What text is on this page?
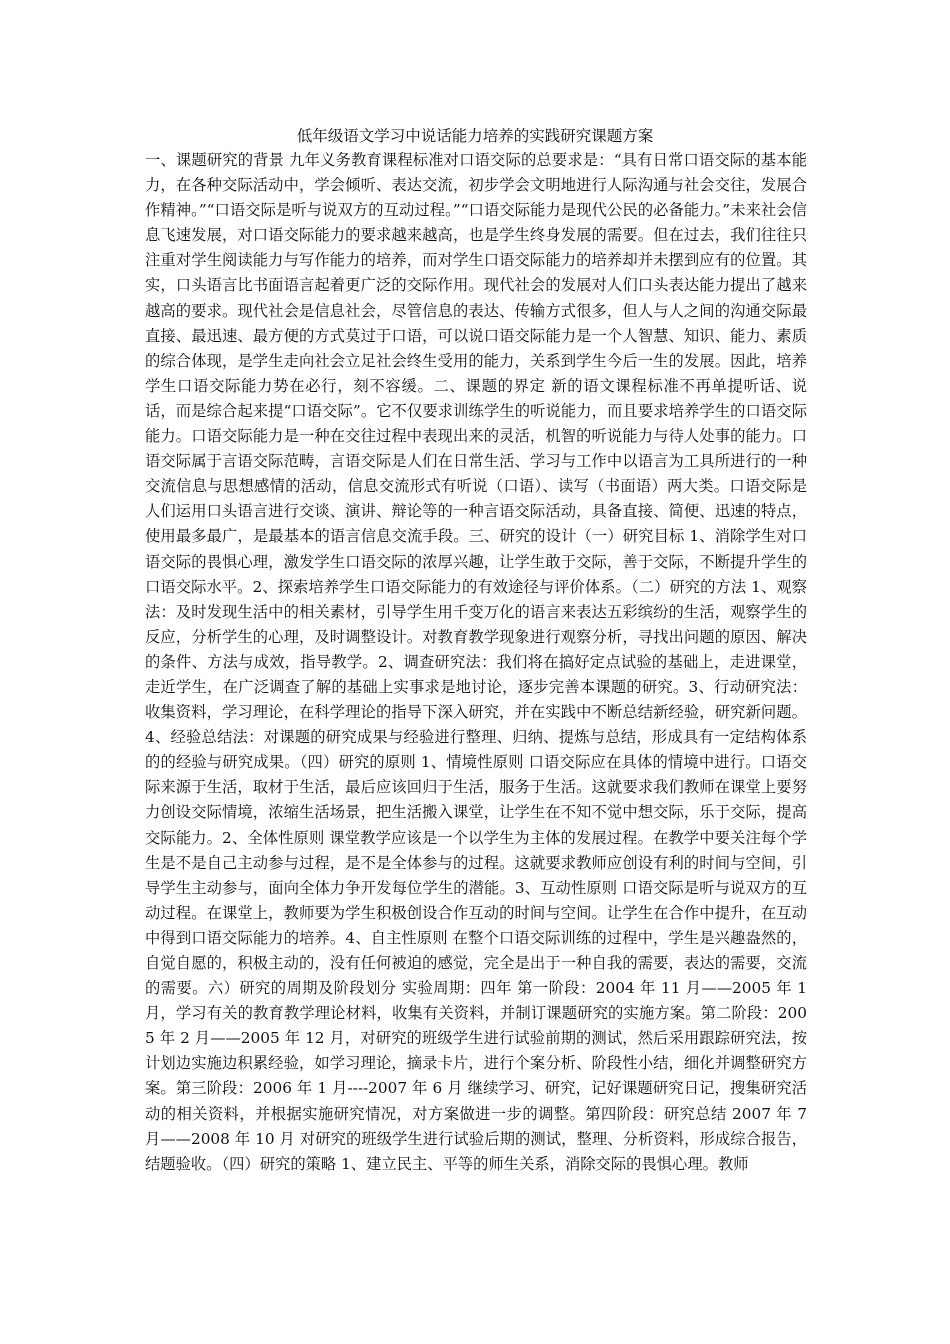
低年级语文学习中说话能力培养的实践研究课题方案

一、课题研究的背景 九年义务教育课程标准对口语交际的总要求是：“具有日常口语交际的基本能力，在各种交际活动中，学会倾听、表达交流，初步学会文明地进行人际沟通与社会交往，发展合作精神。”“口语交际是听与说双方的互动过程。”“口语交际能力是现代公民的必备能力。”未来社会信息飞速发展，对口语交际能力的要求越来越高，也是学生终身发展的需要。但在过去，我们往往只注重对学生阅读能力与写作能力的培养，而对学生口语交际能力的培养却并未摆到应有的位置。其实，口头语言比书面语言起着更广泛的交际作用。现代社会的发展对人们口头表达能力提出了越来越高的要求。现代社会是信息社会，尽管信息的表达、传输方式很多，但人与人之间的沟通交际最直接、最迅速、最方便的方式莫过于口语，可以说口语交际能力是一个人智慧、知识、能力、素质的综合体现，是学生走向社会立足社会终生受用的能力，关系到学生今后一生的发展。因此，培养学生口语交际能力势在必行，刻不容缓。二、课题的界定 新的语文课程标准不再单提听话、说话，而是综合起来提“口语交际”。它不仅要求训练学生的听说能力，而且要求培养学生的口语交际能力。口语交际能力是一种在交往过程中表现出来的灵活，机智的听说能力与待人处事的能力。口语交际属于言语交际范畴，言语交际是人们在日常生活、学习与工作中以语言为工具所进行的一种交流信息与思想感情的活动，信息交流形式有听说（口语）、读写（书面语）两大类。口语交际是人们运用口头语言进行交谈、演讲、辩论等的一种言语交际活动，具备直接、简便、迅速的特点，使用最多最广，是最基本的语言信息交流手段。三、研究的设计（一）研究目标 1、消除学生对口语交际的畏惧心理，激发学生口语交际的浓厚兴趣，让学生敢于交际，善于交际，不断提升学生的口语交际水平。2、探索培养学生口语交际能力的有效途径与评价体系。（二）研究的方法 1、观察法：及时发现生活中的相关素材，引导学生用千变万化的语言来表达五彩缤纷的生活，观察学生的反应，分析学生的心理，及时调整设计。对教育教学现象进行观察分析，寻找出问题的原因、解决的条件、方法与成效，指导教学。2、调查研究法：我们将在搞好定点试验的基础上，走进课堂，走近学生，在广泛调查了解的基础上实事求是地讨论，逐步完善本课题的研究。3、行动研究法：收集资料，学习理论，在科学理论的指导下深入研究，并在实践中不断总结新经验，研究新问题。4、经验总结法：对课题的研究成果与经验进行整理、归纳、提炼与总结，形成具有一定结构体系的的经验与研究成果。（四）研究的原则 1、情境性原则 口语交际应在具体的情境中进行。口语交际来源于生活，取材于生活，最后应该回归于生活，服务于生活。这就要求我们教师在课堂上要努力创设交际情境，浓缩生活场景，把生活搬入课堂，让学生在不知不觉中想交际，乐于交际，提高交际能力。2、全体性原则 课堂教学应该是一个以学生为主体的发展过程。在教学中要关注每个学生是不是自己主动参与过程，是不是全体参与的过程。这就要求教师应创设有利的时间与空间，引导学生主动参与，面向全体力争开发每位学生的潜能。3、互动性原则 口语交际是听与说双方的互动过程。在课堂上，教师要为学生积极创设合作互动的时间与空间。让学生在合作中提升，在互动中得到口语交际能力的培养。4、自主性原则 在整个口语交际训练的过程中，学生是兴趣盎然的，自觉自愿的，积极主动的，没有任何被迫的感觉，完全是出于一种自我的需要，表达的需要，交流的需要。六）研究的周期及阶段划分 实验周期：四年 第一阶段：2004 年 11 月——2005 年 1 月，学习有关的教育教学理论材料，收集有关资料，并制订课题研究的实施方案。第二阶段：2005 年 2 月——2005 年 12 月，对研究的班级学生进行试验前期的测试，然后采用跟踪研究法，按计划边实施边积累经验，如学习理论，摘录卡片，进行个案分析、阶段性小结，细化并调整研究方案。第三阶段：2006 年 1 月----2007 年 6 月 继续学习、研究，记好课题研究日记，搜集研究活动的相关资料，并根据实施研究情况，对方案做进一步的调整。第四阶段：研究总结 2007 年 7 月——2008 年 10 月 对研究的班级学生进行试验后期的测试，整理、分析资料，形成综合报告，结题验收。（四）研究的策略 1、建立民主、平等的师生关系，消除交际的畏惧心理。教师
